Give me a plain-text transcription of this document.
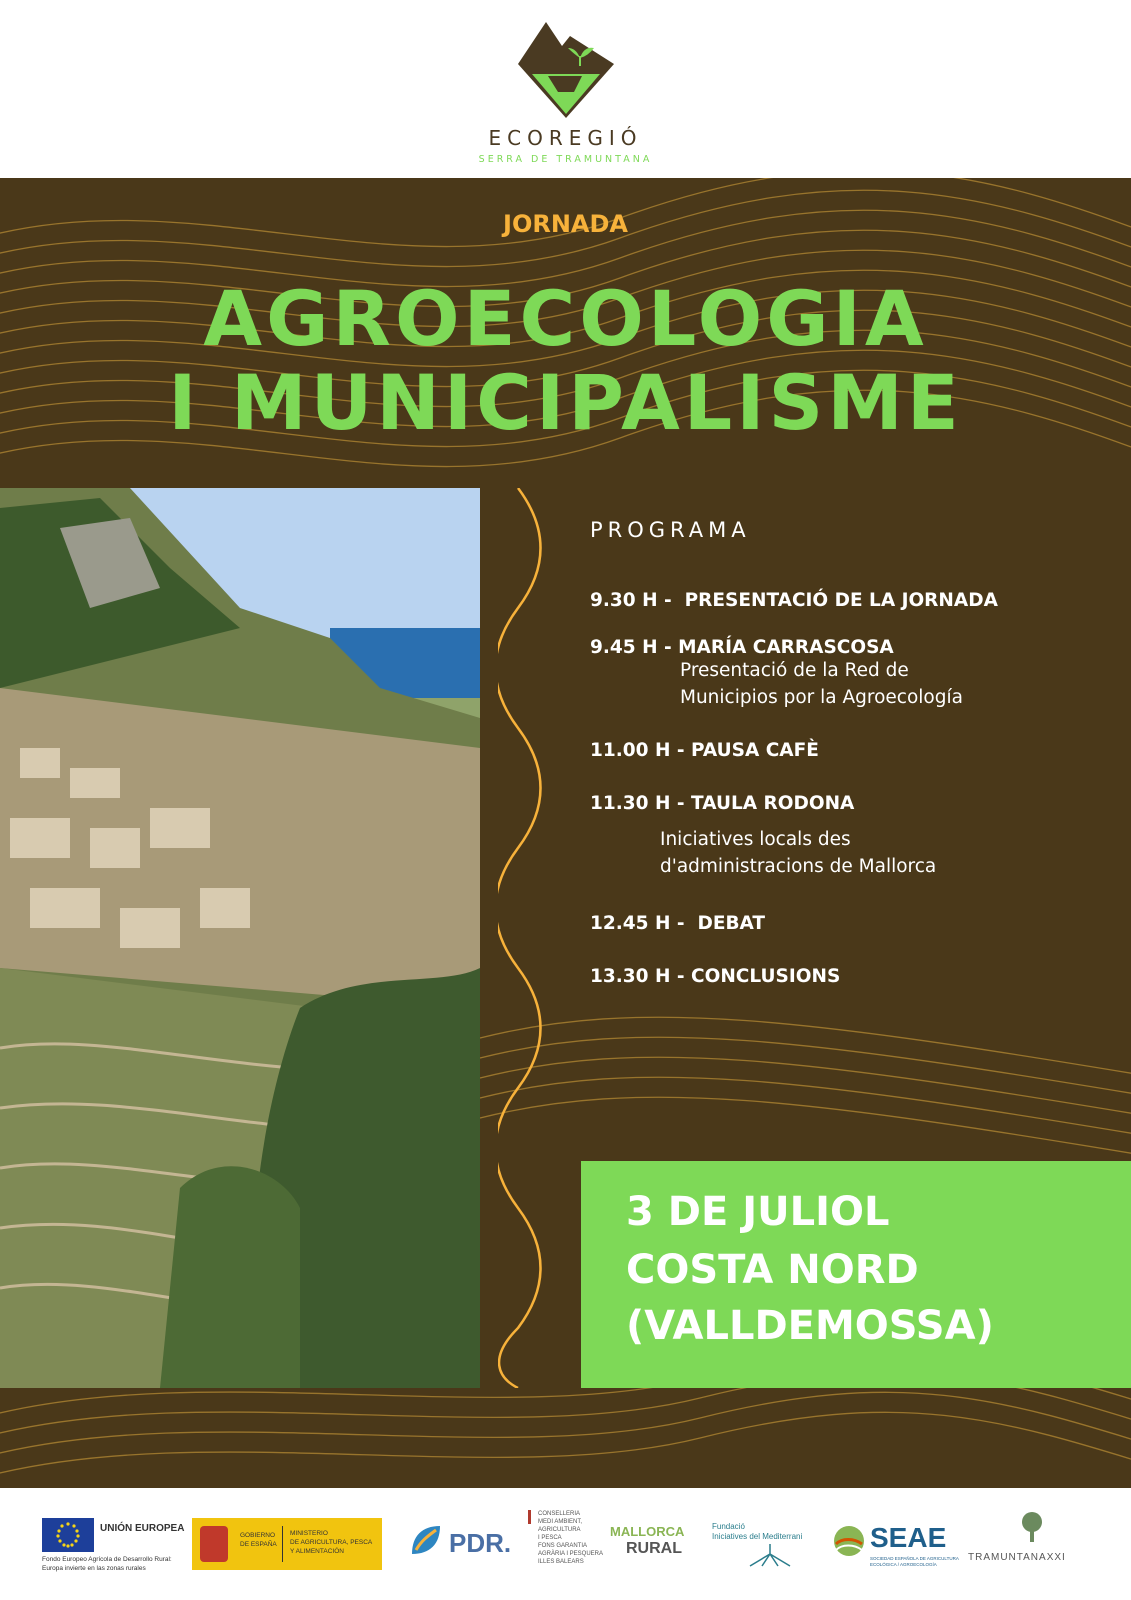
ECOREGIÓ
SERRA DE TRAMUNTANA
JORNADA
AGROECOLOGIA
I MUNICIPALISME
PROGRAMA
9.30 H - PRESENTACIÓ DE LA JORNADA
9.45 H - MARÍA CARRASCOSA
Presentació de la Red de
Municipios por la Agroecología
11.00 H - PAUSA CAFÈ
11.30 H - TAULA RODONA
Iniciatives locals des
d'administracions de Mallorca
12.45 H -  DEBAT
13.30 H - CONCLUSIONS
3 DE JULIOL
COSTA NORD
(VALLDEMOSSA)
UNIÓN EUROPEA
Fondo Europeo Agrícola de Desarrollo Rural:
Europa invierte en las zonas rurales
GOBIERNO
DE ESPAÑA
MINISTERIO
DE AGRICULTURA, PESCA
Y ALIMENTACIÓN	PDR.
CONSELLERIA
MEDI AMBIENT,
AGRICULTURA
I PESCA
FONS GARANTIA
AGRÀRIA I PESQUERA
ILLES BALEARS
MALLORCA
RURAL
Fundació
Iniciatives del Mediterrani SEAE
SOCIEDAD ESPAÑOLA DE AGRICULTURA
ECOLÓGICA / AGROECOLOGÍA
TRAMUNTANAXXI
